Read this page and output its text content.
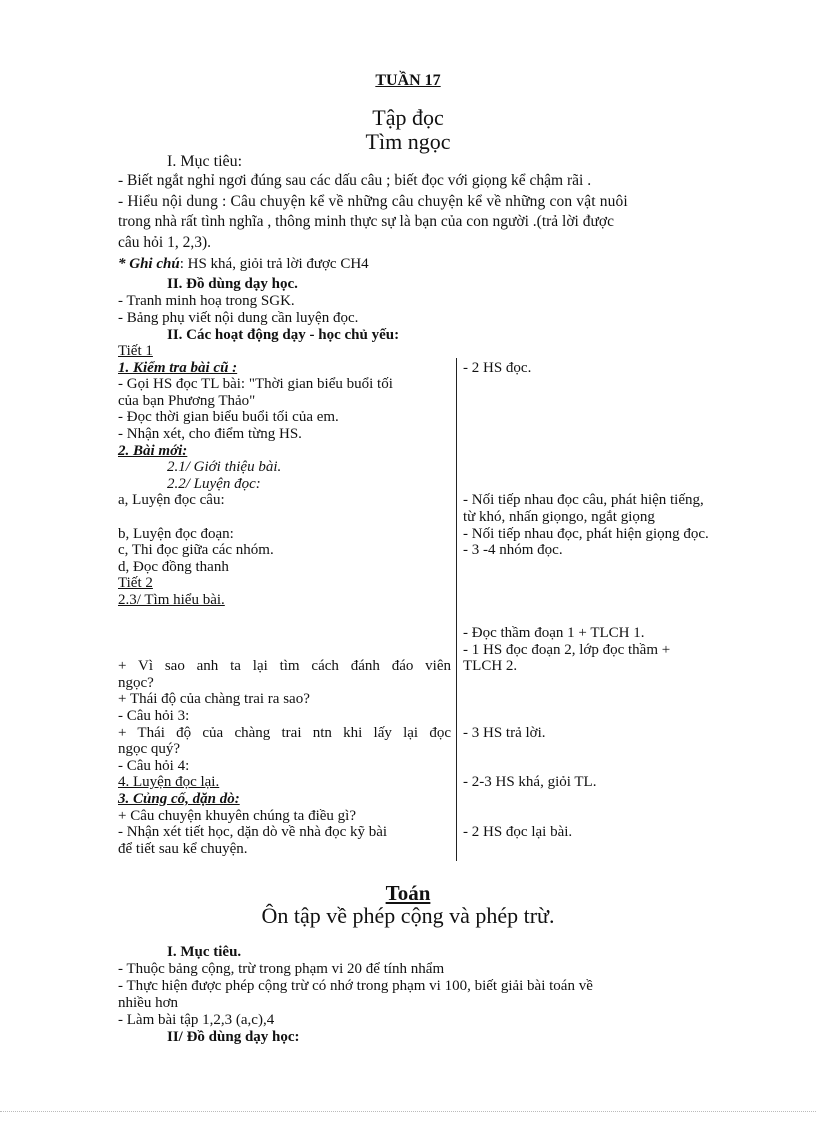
TUẦN 17
Tập đọc
Tìm ngọc
I. Mục tiêu:
- Biết ngắt nghỉ ngơi đúng sau các dấu câu ; biết đọc với giọng kể chậm rãi .
- Hiểu nội dung : Câu chuyện kể về những câu chuyện kể về những con vật nuôi
trong nhà rất tình nghĩa , thông minh thực sự là bạn của con người .(trả lời được
câu hỏi 1, 2,3).
* Ghi chú: HS khá, giỏi trả lời được CH4
II. Đồ dùng dạy học.
- Tranh minh hoạ trong SGK.
- Bảng phụ viết nội dung cần luyện đọc.
II. Các hoạt động dạy - học chủ yếu:
Tiết 1
1. Kiểm tra bài cũ :
- Gọi HS đọc TL bài: "Thời gian biểu buổi tối
của bạn Phương Thảo"
- Đọc thời gian biểu buổi tối của em.
- Nhận xét, cho điểm từng HS.
2. Bài mới:
2.1/ Giới thiệu bài.
2.2/ Luyện đọc:
a, Luyện đọc câu:
b, Luyện đọc đoạn:
c, Thi đọc giữa các nhóm.
d, Đọc đồng thanh
Tiết 2
2.3/ Tìm hiểu bài.
+ Vì sao anh ta lại tìm cách đánh đáo viên
ngọc?
+ Thái độ của chàng trai ra sao?
- Câu hỏi 3:
+ Thái độ của chàng trai ntn khi lấy lại đọc
ngọc quý?
- Câu hỏi 4:
4. Luyện đọc lại.
3. Củng cố, dặn dò:
+ Câu chuyện khuyên chúng ta điều gì?
- Nhận xét tiết học, dặn dò về nhà đọc kỹ bài
để tiết sau kể chuyện.
- 2 HS đọc.
- Nối tiếp nhau đọc câu, phát hiện tiếng,
từ khó, nhấn giọngo, ngắt giọng
- Nối tiếp nhau đọc, phát hiện giọng đọc.
- 3 -4 nhóm đọc.
- Đọc thầm đoạn 1 + TLCH 1.
- 1 HS đọc đoạn 2, lớp đọc thầm +
TLCH 2.
- 3 HS trả lời.
- 2-3 HS khá, giỏi TL.
- 2 HS đọc lại bài.
Toán
Ôn tập về phép cộng và phép trừ.
I. Mục tiêu.
- Thuộc bảng cộng, trừ trong phạm vi 20 để tính nhẩm
- Thực hiện được phép cộng trừ có nhớ trong phạm vi 100, biết giải bài toán về
nhiều hơn
- Làm bài tập 1,2,3 (a,c),4
II/ Đồ dùng dạy học:
